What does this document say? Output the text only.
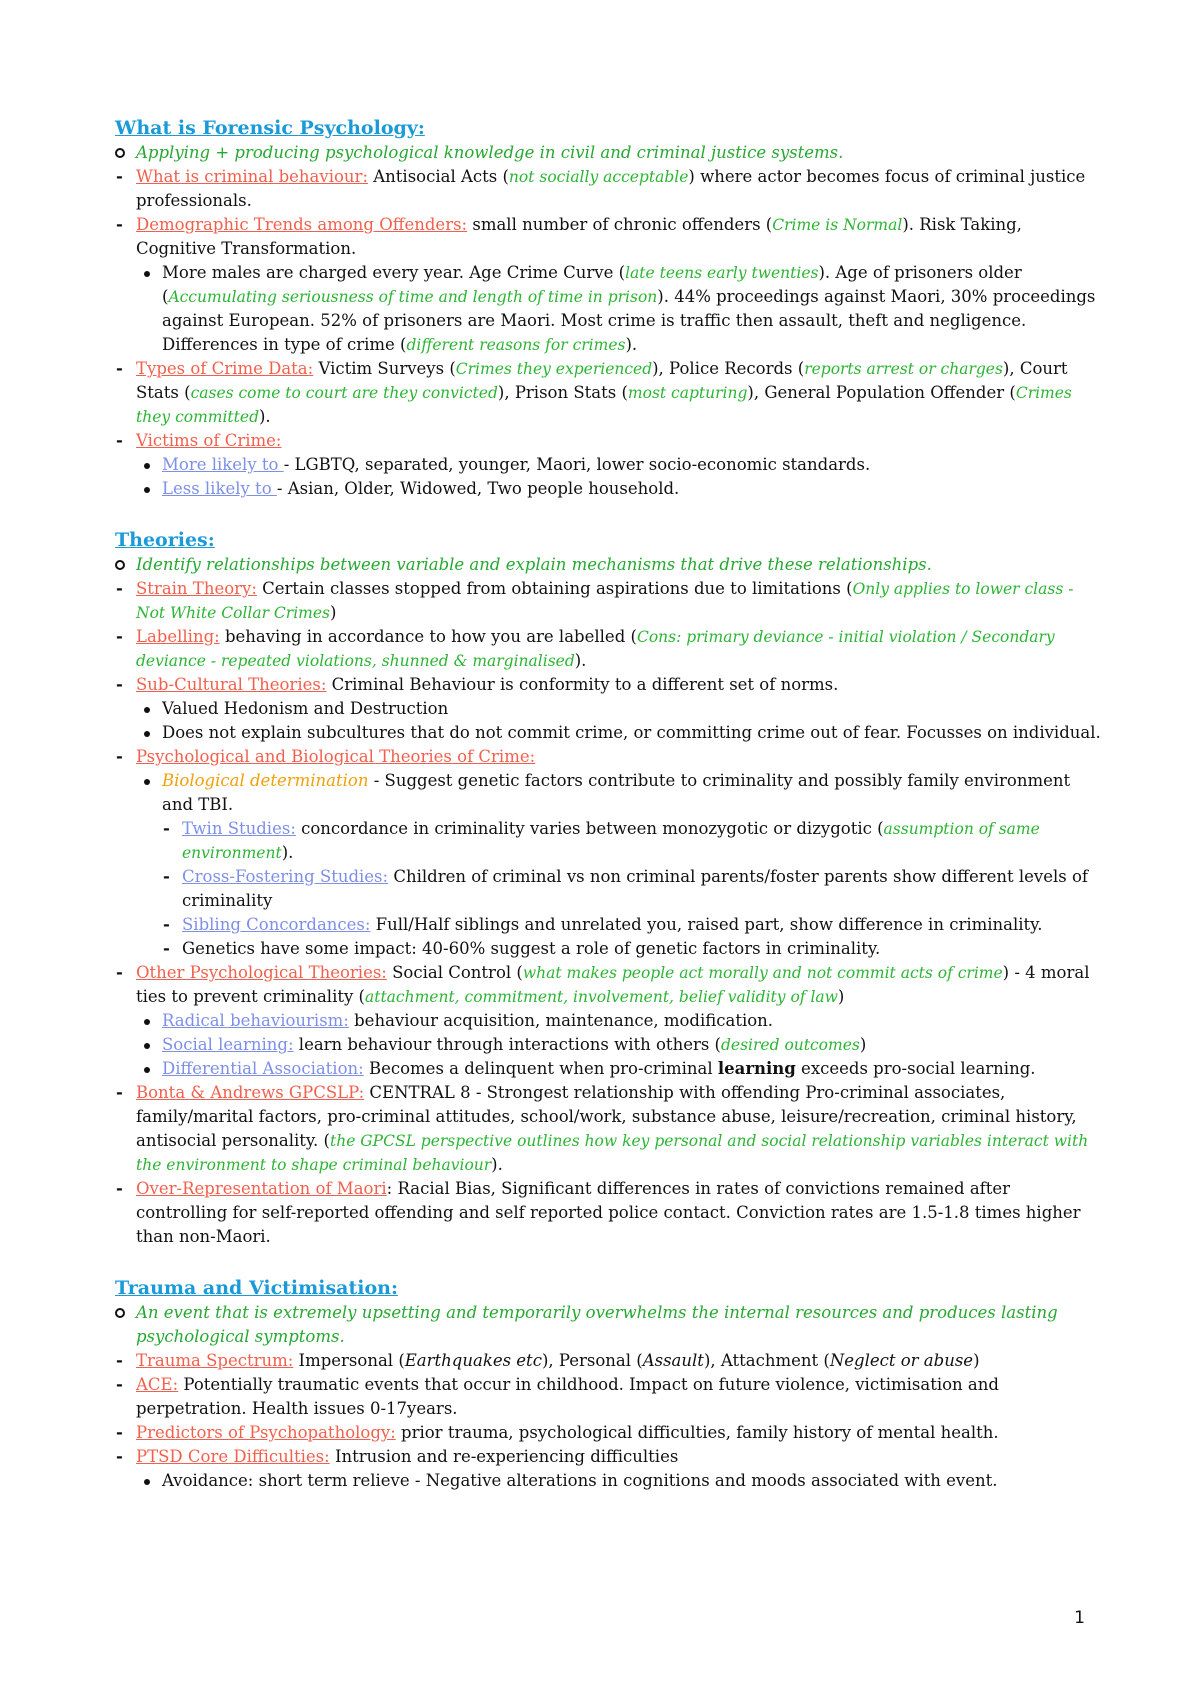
What is Forensic Psychology:
Applying + producing psychological knowledge in civil and criminal justice systems.
- What is criminal behaviour: Antisocial Acts (not socially acceptable) where actor becomes focus of criminal justice professionals.
- Demographic Trends among Offenders: small number of chronic offenders (Crime is Normal). Risk Taking, Cognitive Transformation.
More males are charged every year. Age Crime Curve (late teens early twenties). Age of prisoners older (Accumulating seriousness of time and length of time in prison). 44% proceedings against Maori, 30% proceedings against European. 52% of prisoners are Maori. Most crime is traffic then assault, theft and negligence. Differences in type of crime (different reasons for crimes).
- Types of Crime Data: Victim Surveys (Crimes they experienced), Police Records (reports arrest or charges), Court Stats (cases come to court are they convicted), Prison Stats (most capturing), General Population Offender (Crimes they committed).
- Victims of Crime:
More likely to - LGBTQ, separated, younger, Maori, lower socio-economic standards.
Less likely to - Asian, Older, Widowed, Two people household.
Theories:
Identify relationships between variable and explain mechanisms that drive these relationships.
- Strain Theory: Certain classes stopped from obtaining aspirations due to limitations (Only applies to lower class - Not White Collar Crimes)
- Labelling: behaving in accordance to how you are labelled (Cons: primary deviance - initial violation / Secondary deviance - repeated violations, shunned & marginalised).
- Sub-Cultural Theories: Criminal Behaviour is conformity to a different set of norms.
Valued Hedonism and Destruction
Does not explain subcultures that do not commit crime, or committing crime out of fear. Focusses on individual.
- Psychological and Biological Theories of Crime:
Biological determination - Suggest genetic factors contribute to criminality and possibly family environment and TBI.
- Twin Studies: concordance in criminality varies between monozygotic or dizygotic (assumption of same environment).
- Cross-Fostering Studies: Children of criminal vs non criminal parents/foster parents show different levels of criminality
- Sibling Concordances: Full/Half siblings and unrelated you, raised part, show difference in criminality.
- Genetics have some impact: 40-60% suggest a role of genetic factors in criminality.
- Other Psychological Theories: Social Control (what makes people act morally and not commit acts of crime) - 4 moral ties to prevent criminality (attachment, commitment, involvement, belief validity of law)
Radical behaviourism: behaviour acquisition, maintenance, modification.
Social learning: learn behaviour through interactions with others (desired outcomes)
Differential Association: Becomes a delinquent when pro-criminal learning exceeds pro-social learning.
- Bonta & Andrews GPCSLP: CENTRAL 8 - Strongest relationship with offending Pro-criminal associates, family/marital factors, pro-criminal attitudes, school/work, substance abuse, leisure/recreation, criminal history, antisocial personality. (the GPCSL perspective outlines how key personal and social relationship variables interact with the environment to shape criminal behaviour).
- Over-Representation of Maori: Racial Bias, Significant differences in rates of convictions remained after controlling for self-reported offending and self reported police contact. Conviction rates are 1.5-1.8 times higher than non-Maori.
Trauma and Victimisation:
An event that is extremely upsetting and temporarily overwhelms the internal resources and produces lasting psychological symptoms.
- Trauma Spectrum: Impersonal (Earthquakes etc), Personal (Assault), Attachment (Neglect or abuse)
- ACE: Potentially traumatic events that occur in childhood. Impact on future violence, victimisation and perpetration. Health issues 0-17years.
- Predictors of Psychopathology: prior trauma, psychological difficulties, family history of mental health.
- PTSD Core Difficulties: Intrusion and re-experiencing difficulties
Avoidance: short term relieve - Negative alterations in cognitions and moods associated with event.
1
